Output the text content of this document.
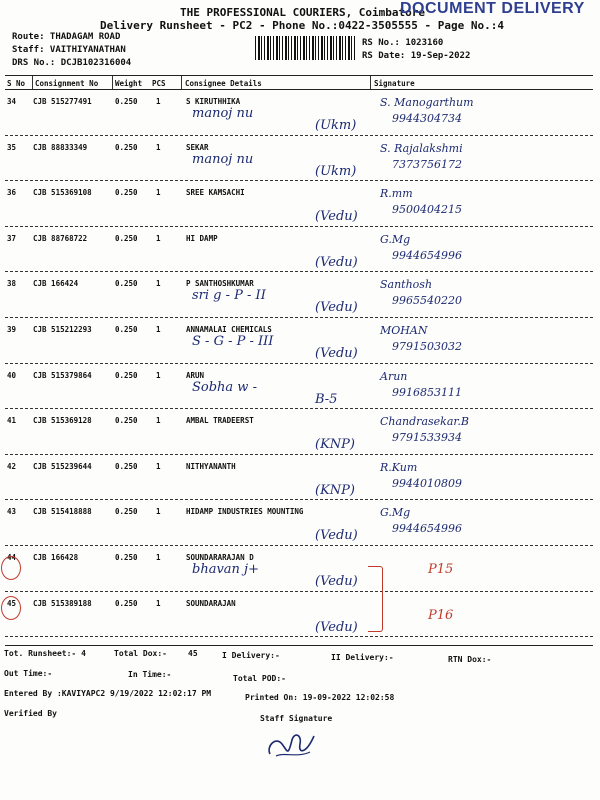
THE PROFESSIONAL COURIERS, Coimbatore
Delivery Runsheet - PC2 - Phone No.:0422-3505555 - Page No.:4
DOCUMENT DELIVERY
Route: THADAGAM ROAD
Staff: VAITHIYANATHAN
DRS No.: DCJB102316004
RS No.: 1023160
RS Date: 19-Sep-2022
S No Consignment No Weight PCS	Consignee Details	Signature
34 CJB 515277491	0.250 1	S KIRUTHHIKA
manoj nu
(Ukm)
S. Manogarthum
9944304734
35 CJB 88833349	0.250 1	SEKAR
manoj nu
(Ukm)
S. Rajalakshmi
7373756172
36 CJB 515369108	0.250 1	SREE KAMSACHI
(Vedu)
R.mm
9500404215
37 CJB 88768722	0.250 1	HI DAMP
(Vedu)
G.Mg
9944654996
38 CJB 166424	0.250 1	P SANTHOSHKUMAR
sri g - P - II
(Vedu)
Santhosh
9965540220
39 CJB 515212293	0.250 1	ANNAMALAI CHEMICALS
S - G - P - III
(Vedu)
MOHAN
9791503032
40 CJB 515379864	0.250 1	ARUN
Sobha w -
B-5
Arun
9916853111
41 CJB 515369128	0.250 1	AMBAL TRADEERST
(KNP)
Chandrasekar.B
9791533934
42 CJB 515239644	0.250 1	NITHYANANTH
(KNP)
R.Kum
9944010809
43 CJB 515418888	0.250 1	HIDAMP INDUSTRIES MOUNTING
(Vedu)
G.Mg
9944654996
44 CJB 166428	0.250 1	SOUNDARARAJAN D
bhavan j+
(Vedu)
P15
45 CJB 515389188	0.250 1	SOUNDARAJAN
(Vedu)
P16
Tot. Runsheet:- 4	Total Dox:-	45	I Delivery:-	II Delivery:-	RTN Dox:-
Out Time:-	In Time:-	Total POD:-
Entered By :KAVIYAPC2 9/19/2022 12:02:17 PM	Printed On: 19-09-2022 12:02:58
Verified By
Staff Signature
